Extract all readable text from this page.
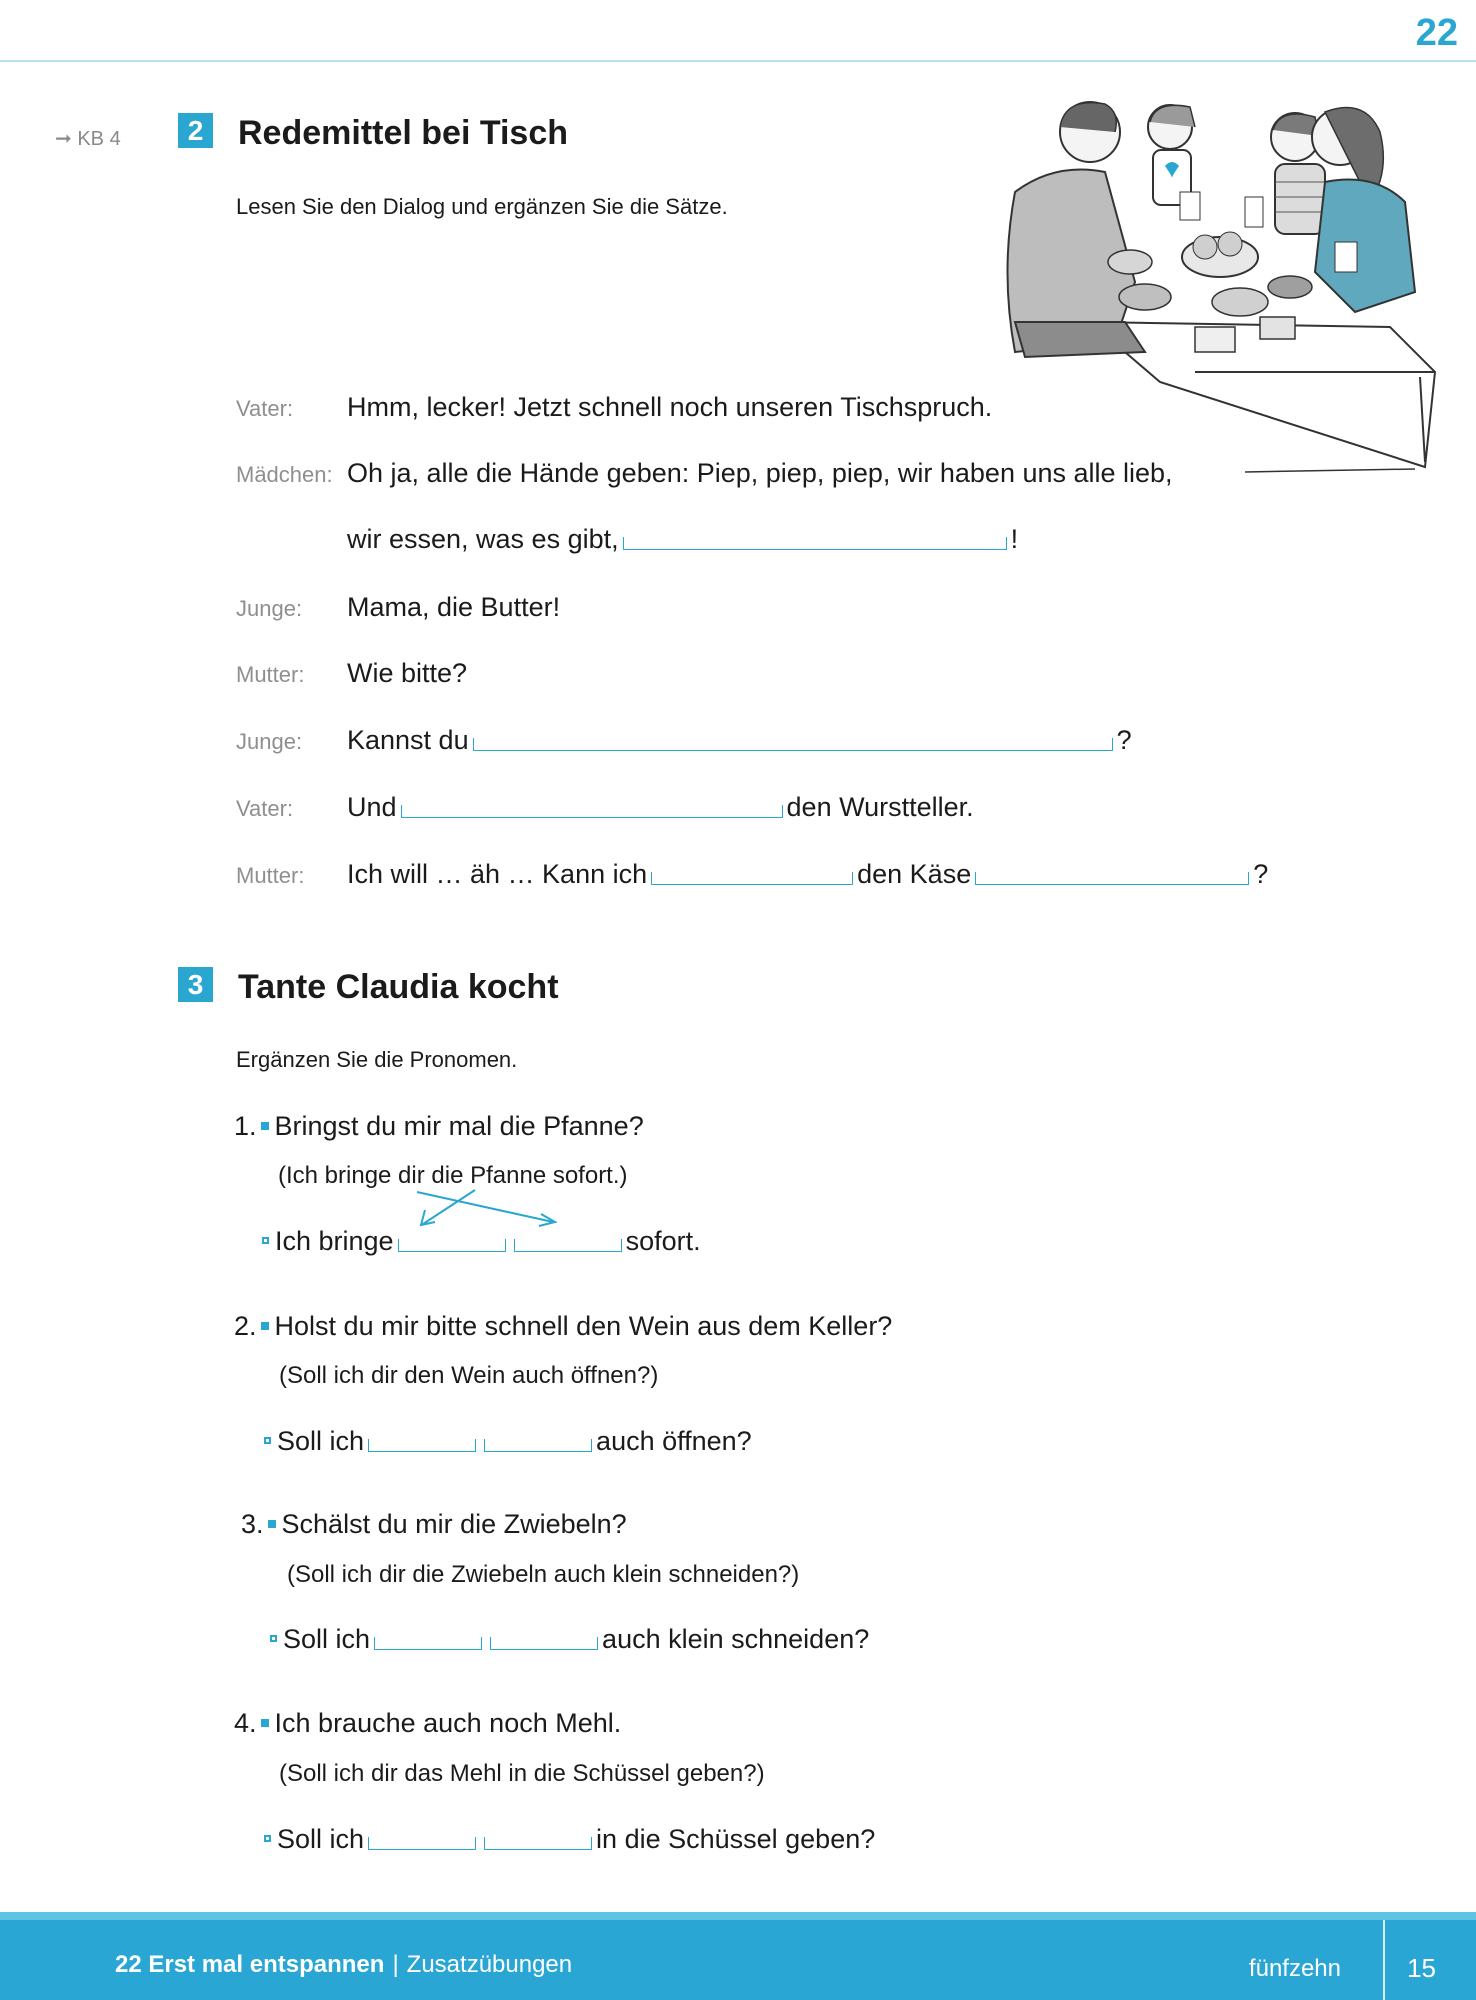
22
➞ KB 4	2 Redemittel bei Tisch
Lesen Sie den Dialog und ergänzen Sie die Sätze.
Vater: Hmm, lecker! Jetzt schnell noch unseren Tischspruch.
Mädchen: Oh ja, alle die Hände geben: Piep, piep, piep, wir haben uns alle lieb,
wir essen, was es gibt,	!
Junge: Mama, die Butter!
Mutter: Wie bitte?
Junge: Kannst du	?
Vater: Und	den Wurstteller.
Mutter: Ich will … äh … Kann ich	den Käse	?
3 Tante Claudia kocht
Ergänzen Sie die Pronomen.
1. Bringst du mir mal die Pfanne?
(Ich bringe dir die Pfanne sofort.)
Ich bringe	sofort.
2. Holst du mir bitte schnell den Wein aus dem Keller?
(Soll ich dir den Wein auch öffnen?)
Soll ich	auch öffnen?
3. Schälst du mir die Zwiebeln?
(Soll ich dir die Zwiebeln auch klein schneiden?)
Soll ich	auch klein schneiden?
4. Ich brauche auch noch Mehl.
(Soll ich dir das Mehl in die Schüssel geben?)
Soll ich	in die Schüssel geben?
22 Erst mal entspannen | Zusatzübungen	fünfzehn	15
